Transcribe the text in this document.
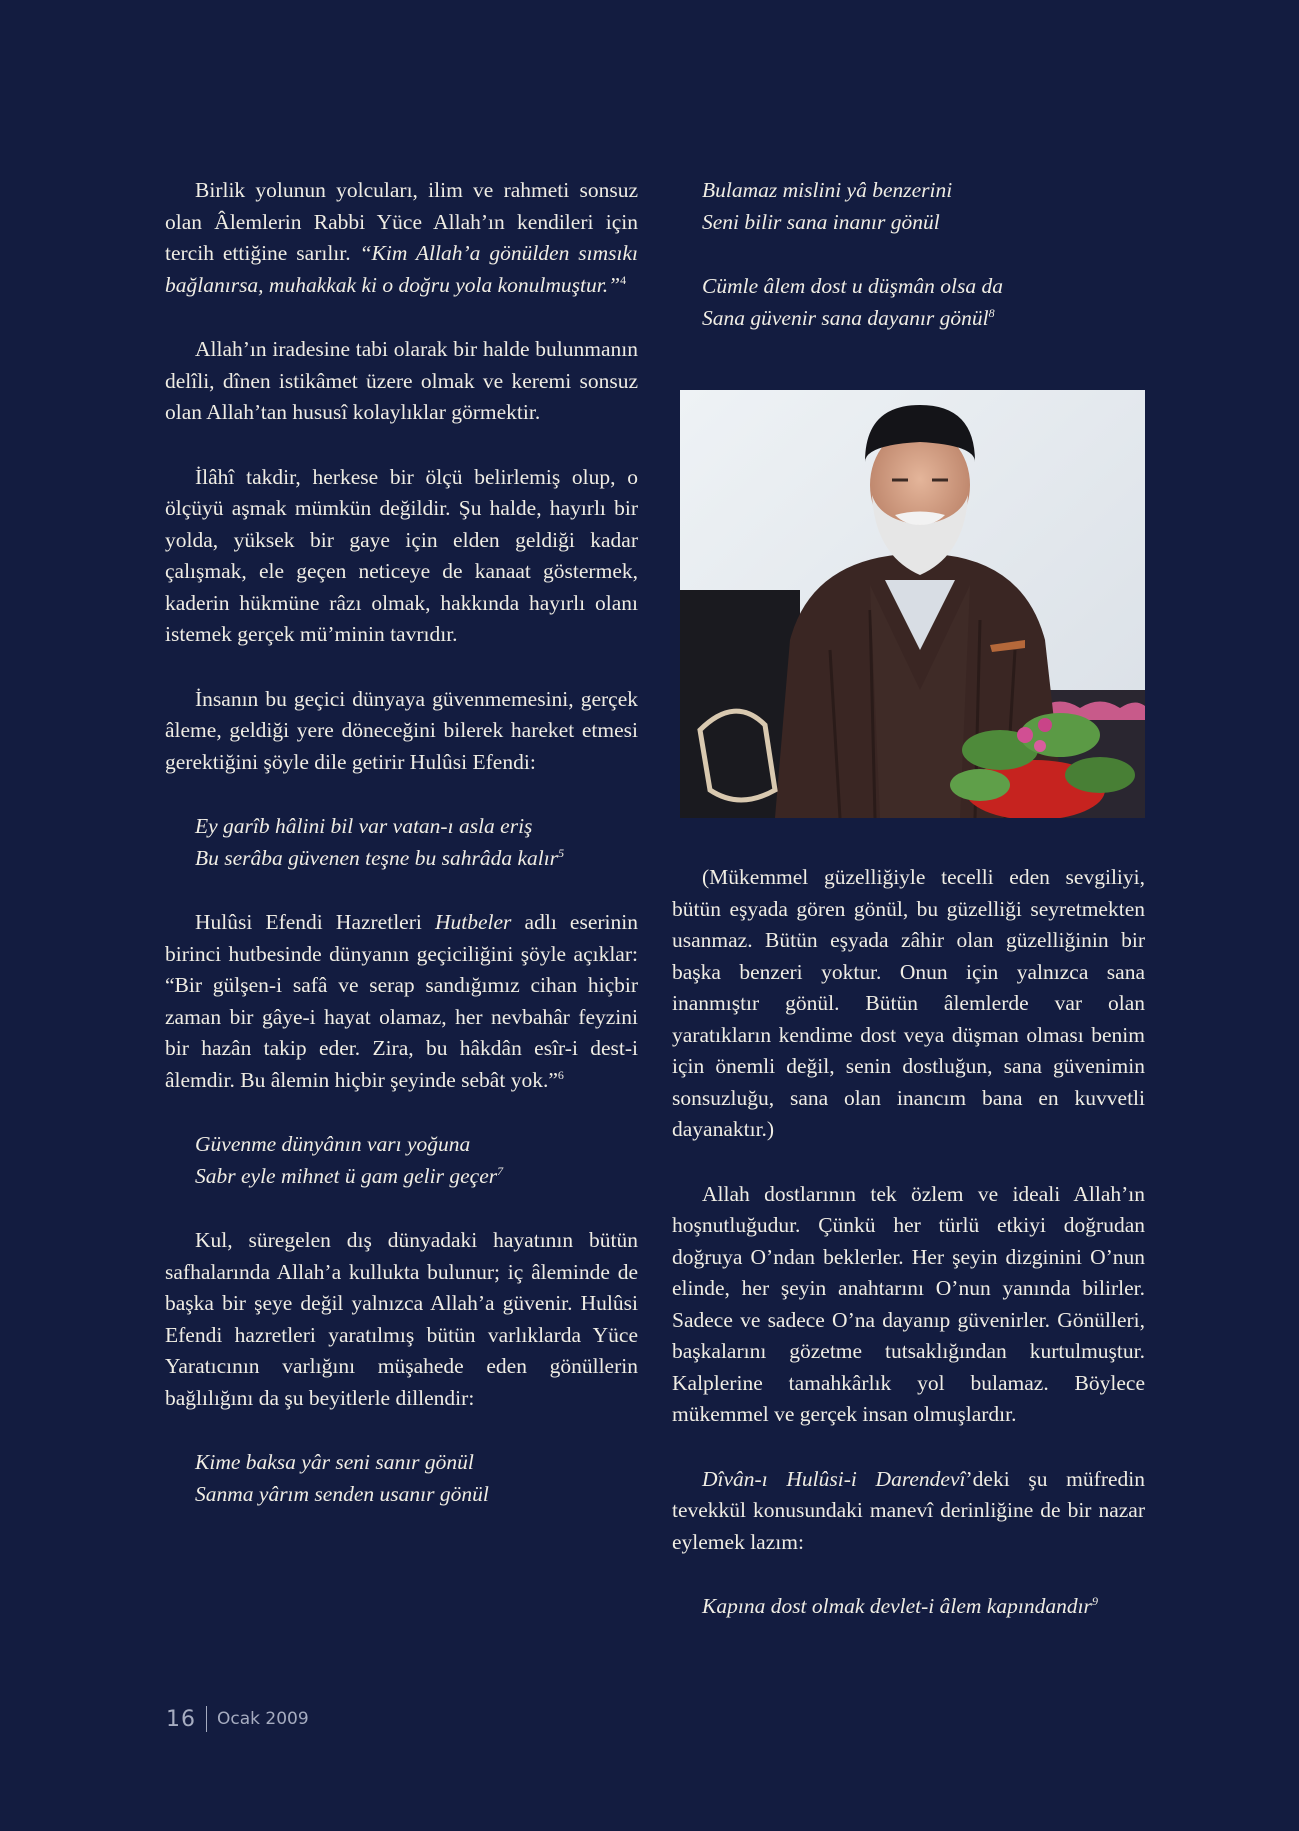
Birlik yolunun yolcuları, ilim ve rahmeti sonsuz olan Âlemlerin Rabbi Yüce Allah’ın kendileri için tercih ettiğine sarılır. “Kim Allah’a gönülden sımsıkı bağlanırsa, muhakkak ki o doğru yola konulmuştur.”$^4$

Allah’ın iradesine tabi olarak bir halde bulunmanın delîli, dînen istikâmet üzere olmak ve keremi sonsuz olan Allah’tan hususî kolaylıklar görmektir.

İlâhî takdir, herkese bir ölçü belirlemiş olup, o ölçüyü aşmak mümkün değildir. Şu halde, hayırlı bir yolda, yüksek bir gaye için elden geldiği kadar çalışmak, ele geçen neticeye de kanaat göstermek, kaderin hükmüne râzı olmak, hakkında hayırlı olanı istemek gerçek mü’minin tavrıdır.

İnsanın bu geçici dünyaya güvenmemesini, gerçek âleme, geldiği yere döneceğini bilerek hareket etmesi gerektiğini şöyle dile getirir Hulûsi Efendi:

Ey garîb hâlini bil var vatan-ı asla eriş
Bu serâba güvenen teşne bu sahrâda kalır$^5$

Hulûsi Efendi Hazretleri Hutbeler adlı eserinin birinci hutbesinde dünyanın geçiciliğini şöyle açıklar: “Bir gülşen-i safâ ve serap sandığımız cihan hiçbir zaman bir gâye-i hayat olamaz, her nevbahâr feyzini bir hazân takip eder. Zira, bu hâkdân esîr-i dest-i âlemdir. Bu âlemin hiçbir şeyinde sebât yok.”$^6$

Güvenme dünyânın varı yoğuna
Sabr eyle mihnet ü gam gelir geçer$^7$

Kul, süregelen dış dünyadaki hayatının bütün safhalarında Allah’a kullukta bulunur; iç âleminde de başka bir şeye değil yalnızca Allah’a güvenir. Hulûsi Efendi hazretleri yaratılmış bütün varlıklarda Yüce Yaratıcının varlığını müşahede eden gönüllerin bağlılığını da şu beyitlerle dillendir:

Kime baksa yâr seni sanır gönül
Sanma yârım senden usanır gönül
Bulamaz mislini yâ benzerini
Seni bilir sana inanır gönül
Cümle âlem dost u düşmân olsa da
Sana güvenir sana dayanır gönül$^8$

(Mükemmel güzelliğiyle tecelli eden sevgiliyi, bütün eşyada gören gönül, bu güzelliği seyretmekten usanmaz. Bütün eşyada zâhir olan güzelliğinin bir başka benzeri yoktur. Onun için yalnızca sana inanmıştır gönül. Bütün âlemlerde var olan yaratıkların kendime dost veya düşman olması benim için önemli değil, senin dostluğun, sana güvenimin sonsuzluğu, sana olan inancım bana en kuvvetli dayanaktır.)

Allah dostlarının tek özlem ve ideali Allah’ın hoşnutluğudur. Çünkü her türlü etkiyi doğrudan doğruya O’ndan beklerler. Her şeyin dizginini O’nun elinde, her şeyin anahtarını O’nun yanında bilirler. Sadece ve sadece O’na dayanıp güvenirler. Gönülleri, başkalarını gözetme tutsaklığından kurtulmuştur. Kalplerine tamahkârlık yol bulamaz. Böylece mükemmel ve gerçek insan olmuşlardır.

Dîvân-ı Hulûsi-i Darendevî’deki şu müfredin tevekkül konusundaki manevî derinliğine de bir nazar eylemek lazım:

Kapına dost olmak devlet-i âlem kapındandır$^9$
16 Ocak 2009
